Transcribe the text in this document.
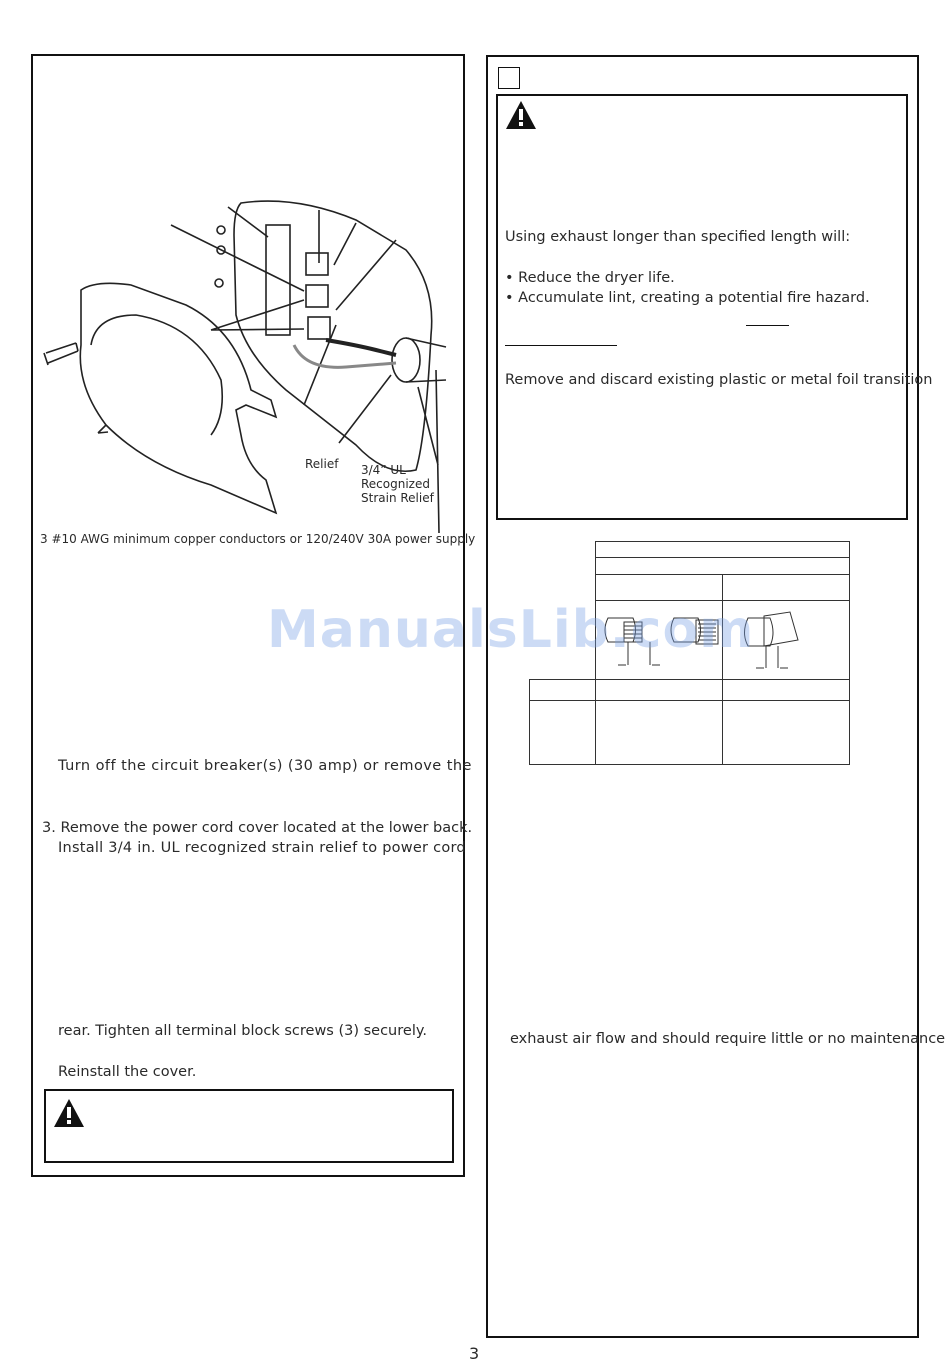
Relief 3/4” UL
Recognized
Strain Relief
3 #10 AWG minimum copper conductors or 120/240V 30A power supply
Turn off the circuit breaker(s) (30 amp) or remove the
3. Remove the power cord cover located at the lower back.
Install 3/4 in. UL recognized strain relief to power cord
rear. Tighten all terminal block screws (3) securely.
Reinstall the cover.
Using exhaust longer than specified length will:
• Reduce the dryer life.
• Accumulate lint, creating a potential fire hazard.
Remove and discard existing plastic or metal foil transition
exhaust air flow and should require little or no maintenance
ManualsLib.com
3
